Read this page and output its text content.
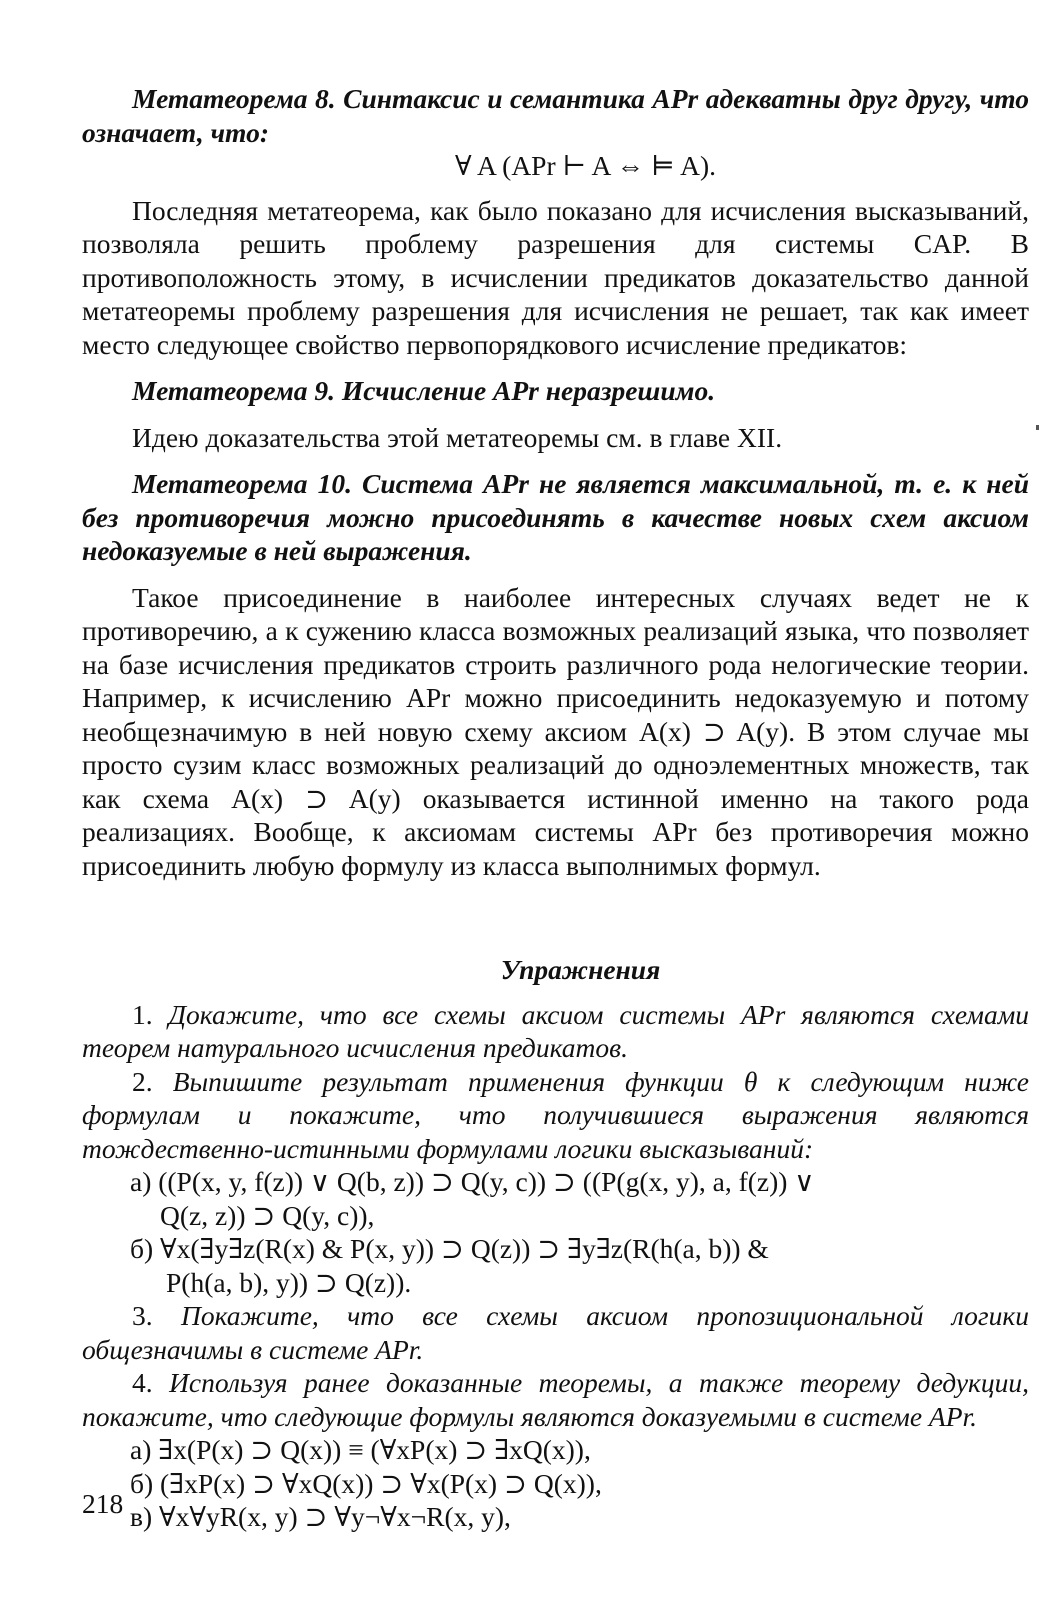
Метатеорема 8. Синтаксис и семантика APr адекватны друг другу, что означает, что:

∀ A (APr ⊢ A ⇔ ⊨ A).

Последняя метатеорема, как было показано для исчисления высказываний, позволяла решить проблему разрешения для системы CAP. В противоположность этому, в исчислении предикатов доказательство данной метатеоремы проблему разрешения для исчисления не решает, так как имеет место следующее свойство первопорядкового исчисление предикатов:

Метатеорема 9. Исчисление APr неразрешимо.

Идею доказательства этой метатеоремы см. в главе XII.

Метатеорема 10. Система APr не является максимальной, т. е. к ней без противоречия можно присоединять в качестве новых схем аксиом недоказуемые в ней выражения.

Такое присоединение в наиболее интересных случаях ведет не к противоречию, а к сужению класса возможных реализаций языка, что позволяет на базе исчисления предикатов строить различного рода нелогические теории. Например, к исчислению APr можно присоединить недоказуемую и потому необщезначимую в ней новую схему аксиом A(x) ⊃ A(y). В этом случае мы просто сузим класс возможных реализаций до одноэлементных множеств, так как схема A(x) ⊃ A(y) оказывается истинной именно на такого рода реализациях. Вообще, к аксиомам системы APr без противоречия можно присоединить любую формулу из класса выполнимых формул.

Упражнения

1. Докажите, что все схемы аксиом системы APr являются схемами теорем натурального исчисления предикатов.

2. Выпишите результат применения функции θ к следующим ниже формулам и покажите, что получившиеся выражения являются тождественно-истинными формулами логики высказываний:

а) ((P(x, y, f(z)) ∨ Q(b, z)) ⊃ Q(y, c)) ⊃ ((P(g(x, y), a, f(z)) ∨

Q(z, z)) ⊃ Q(y, c)),

б) ∀x(∃y∃z(R(x) & P(x, y)) ⊃ Q(z)) ⊃ ∃y∃z(R(h(a, b)) &

P(h(a, b), y)) ⊃ Q(z)).

3. Покажите, что все схемы аксиом пропозициональной логики общезначимы в системе APr.

4. Используя ранее доказанные теоремы, а также теорему дедукции, покажите, что следующие формулы являются доказуемыми в системе APr.

а) ∃x(P(x) ⊃ Q(x)) ≡ (∀xP(x) ⊃ ∃xQ(x)),

б) (∃xP(x) ⊃ ∀xQ(x)) ⊃ ∀x(P(x) ⊃ Q(x)),

в) ∀x∀yR(x, y) ⊃ ∀y¬∀x¬R(x, y),

218
